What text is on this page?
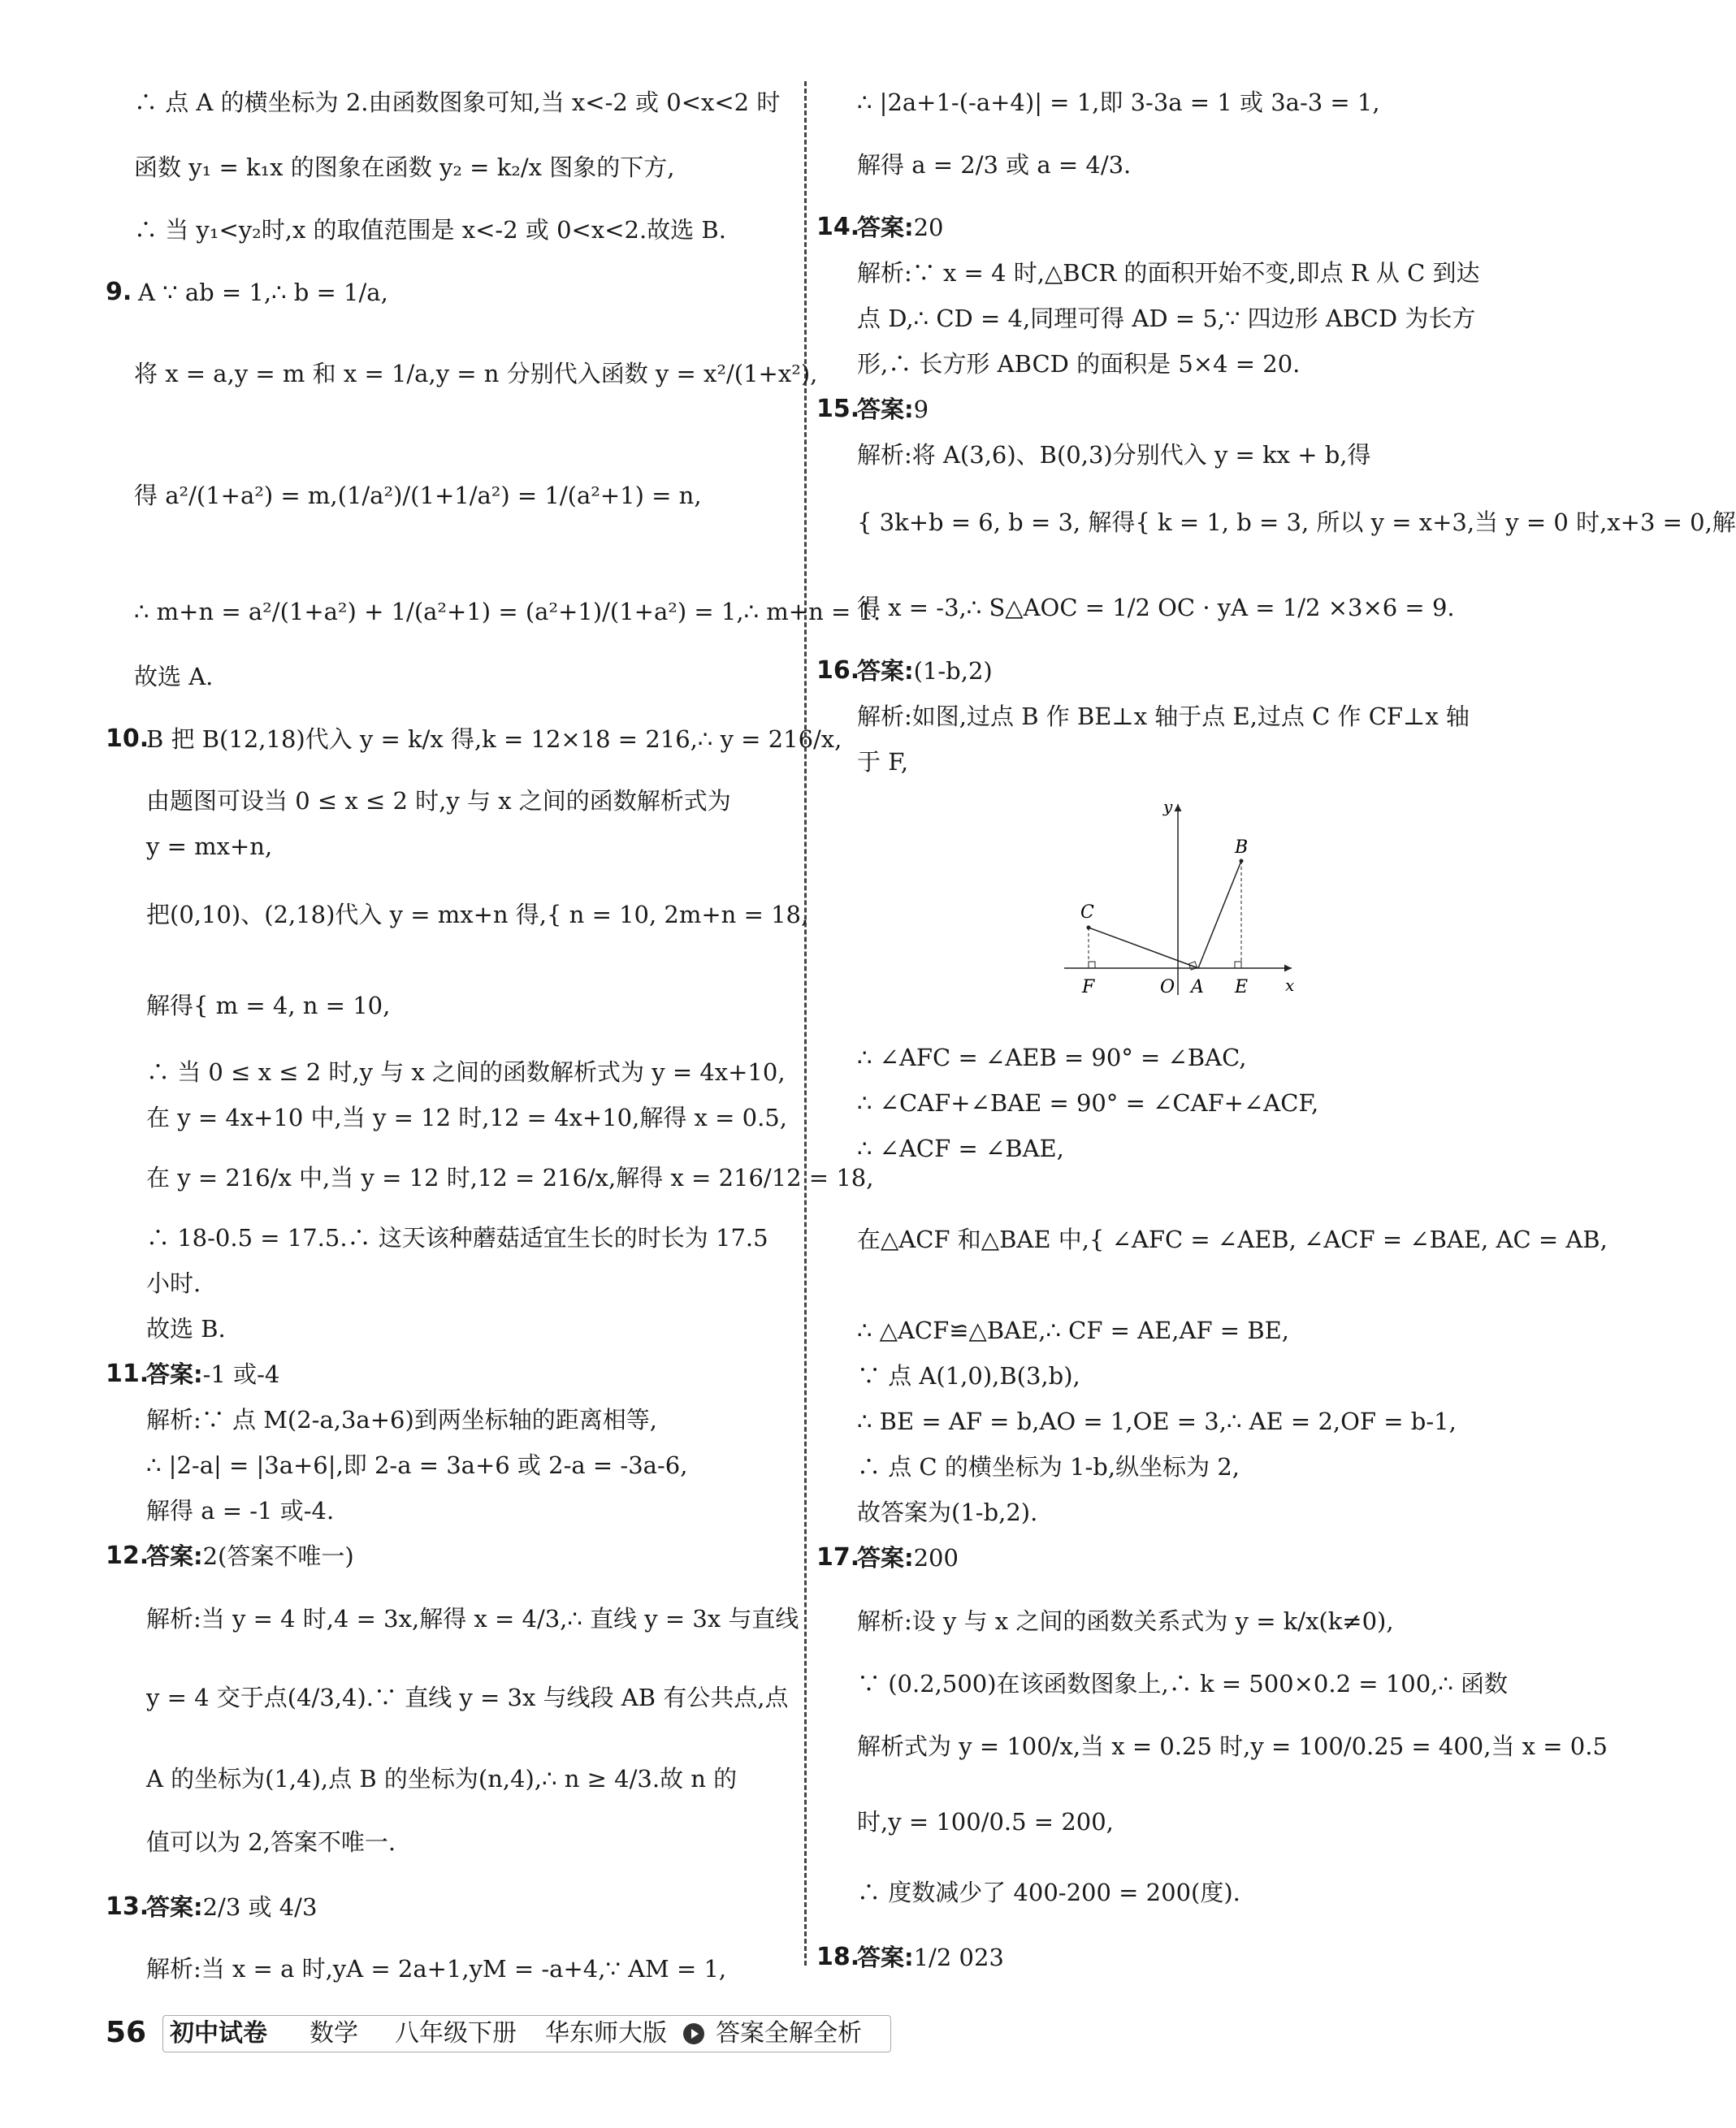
∴ 点 A 的横坐标为 2.由函数图象可知,当 x<-2 或 0<x<2 时
函数 y₁ = k₁x 的图象在函数 y₂ = k₂/x 图象的下方,
∴ 当 y₁<y₂时,x 的取值范围是 x<-2 或 0<x<2.故选 B.
9. A ∵ ab = 1,∴ b = 1/a,
将 x = a,y = m 和 x = 1/a,y = n 分别代入函数 y = x²/(1+x²),
得 a²/(1+a²) = m,(1/a²)/(1+1/a²) = 1/(a²+1) = n,
∴ m+n = a²/(1+a²) + 1/(a²+1) = (a²+1)/(1+a²) = 1,∴ m+n = 1.
故选 A.
10.
B 把 B(12,18)代入 y = k/x 得,k = 12×18 = 216,∴ y = 216/x,
由题图可设当 0 ≤ x ≤ 2 时,y 与 x 之间的函数解析式为
y = mx+n,
把(0,10)、(2,18)代入 y = mx+n 得,{ n = 10, 2m+n = 18,
解得{ m = 4, n = 10,
∴ 当 0 ≤ x ≤ 2 时,y 与 x 之间的函数解析式为 y = 4x+10,
在 y = 4x+10 中,当 y = 12 时,12 = 4x+10,解得 x = 0.5,
在 y = 216/x 中,当 y = 12 时,12 = 216/x,解得 x = 216/12 = 18,
∴ 18-0.5 = 17.5.∴ 这天该种蘑菇适宜生长的时长为 17.5
小时.
故选 B.
11.
答案:-1 或-4
解析:∵ 点 M(2-a,3a+6)到两坐标轴的距离相等,
∴ |2-a| = |3a+6|,即 2-a = 3a+6 或 2-a = -3a-6,
解得 a = -1 或-4.
12.
答案:2(答案不唯一)
解析:当 y = 4 时,4 = 3x,解得 x = 4/3,∴ 直线 y = 3x 与直线
y = 4 交于点(4/3,4).∵ 直线 y = 3x 与线段 AB 有公共点,点
A 的坐标为(1,4),点 B 的坐标为(n,4),∴ n ≥ 4/3.故 n 的
值可以为 2,答案不唯一.
13.
答案:2/3 或 4/3
解析:当 x = a 时,yA = 2a+1,yM = -a+4,∵ AM = 1,
∴ |2a+1-(-a+4)| = 1,即 3-3a = 1 或 3a-3 = 1,
解得 a = 2/3 或 a = 4/3.
14.
答案:20
解析:∵ x = 4 时,△BCR 的面积开始不变,即点 R 从 C 到达
点 D,∴ CD = 4,同理可得 AD = 5,∵ 四边形 ABCD 为长方
形,∴ 长方形 ABCD 的面积是 5×4 = 20.
15.
答案:9
解析:将 A(3,6)、B(0,3)分别代入 y = kx + b,得
{ 3k+b = 6, b = 3, 解得{ k = 1, b = 3, 所以 y = x+3,当 y = 0 时,x+3 = 0,解
得 x = -3,∴ S△AOC = 1/2 OC · yA = 1/2 ×3×6 = 9.
16.
答案:(1-b,2)
解析:如图,过点 B 作 BE⊥x 轴于点 E,过点 C 作 CF⊥x 轴
于 F,
∴ ∠AFC = ∠AEB = 90° = ∠BAC,
∴ ∠CAF+∠BAE = 90° = ∠CAF+∠ACF,
∴ ∠ACF = ∠BAE,
在△ACF 和△BAE 中,{ ∠AFC = ∠AEB, ∠ACF = ∠BAE, AC = AB,
∴ △ACF≌△BAE,∴ CF = AE,AF = BE,
∵ 点 A(1,0),B(3,b),
∴ BE = AF = b,AO = 1,OE = 3,∴ AE = 2,OF = b-1,
∴ 点 C 的横坐标为 1-b,纵坐标为 2,
故答案为(1-b,2).
17.
答案:200
解析:设 y 与 x 之间的函数关系式为 y = k/x(k≠0),
∵ (0.2,500)在该函数图象上,∴ k = 500×0.2 = 100,∴ 函数
解析式为 y = 100/x,当 x = 0.25 时,y = 100/0.25 = 400,当 x = 0.5
时,y = 100/0.5 = 200,
∴ 度数减少了 400-200 = 200(度).
18.
答案:1/2 023
y
x
B
C
F	O A E
56 初中试卷 数学 八年级下册 华东师大版 答案全解全析
